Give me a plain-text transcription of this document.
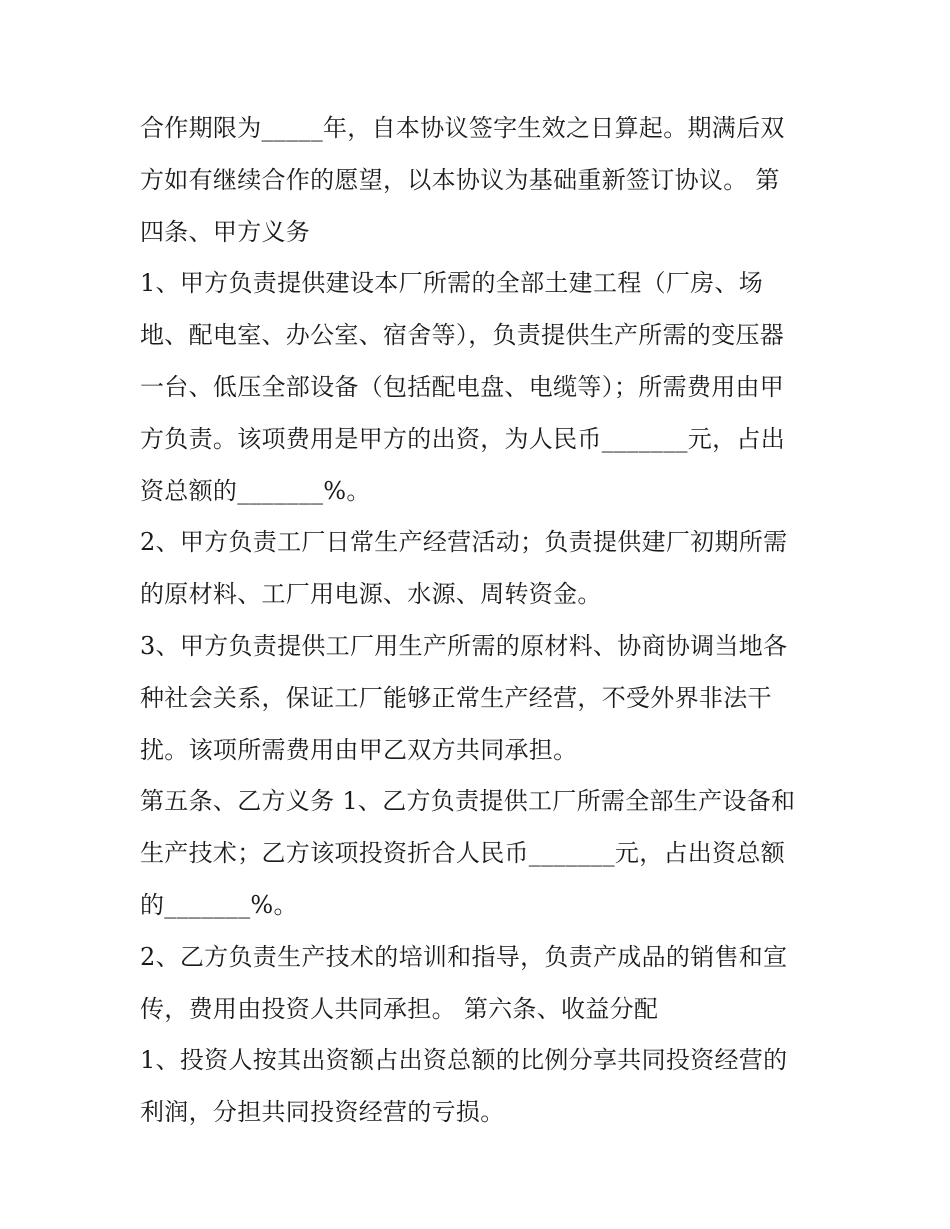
合作期限为_____年，自本协议签字生效之日算起。期满后双
方如有继续合作的愿望，以本协议为基础重新签订协议。 第
四条、甲方义务
1、甲方负责提供建设本厂所需的全部土建工程（厂房、场
地、配电室、办公室、宿舍等），负责提供生产所需的变压器
一台、低压全部设备（包括配电盘、电缆等）；所需费用由甲
方负责。该项费用是甲方的出资，为人民币_______元，占出
资总额的_______%。
2、甲方负责工厂日常生产经营活动；负责提供建厂初期所需
的原材料、工厂用电源、水源、周转资金。
3、甲方负责提供工厂用生产所需的原材料、协商协调当地各
种社会关系，保证工厂能够正常生产经营，不受外界非法干
扰。该项所需费用由甲乙双方共同承担。
第五条、乙方义务 1、乙方负责提供工厂所需全部生产设备和
生产技术；乙方该项投资折合人民币_______元，占出资总额
的_______%。
2、乙方负责生产技术的培训和指导，负责产成品的销售和宣
传，费用由投资人共同承担。 第六条、收益分配
1、投资人按其出资额占出资总额的比例分享共同投资经营的
利润，分担共同投资经营的亏损。
